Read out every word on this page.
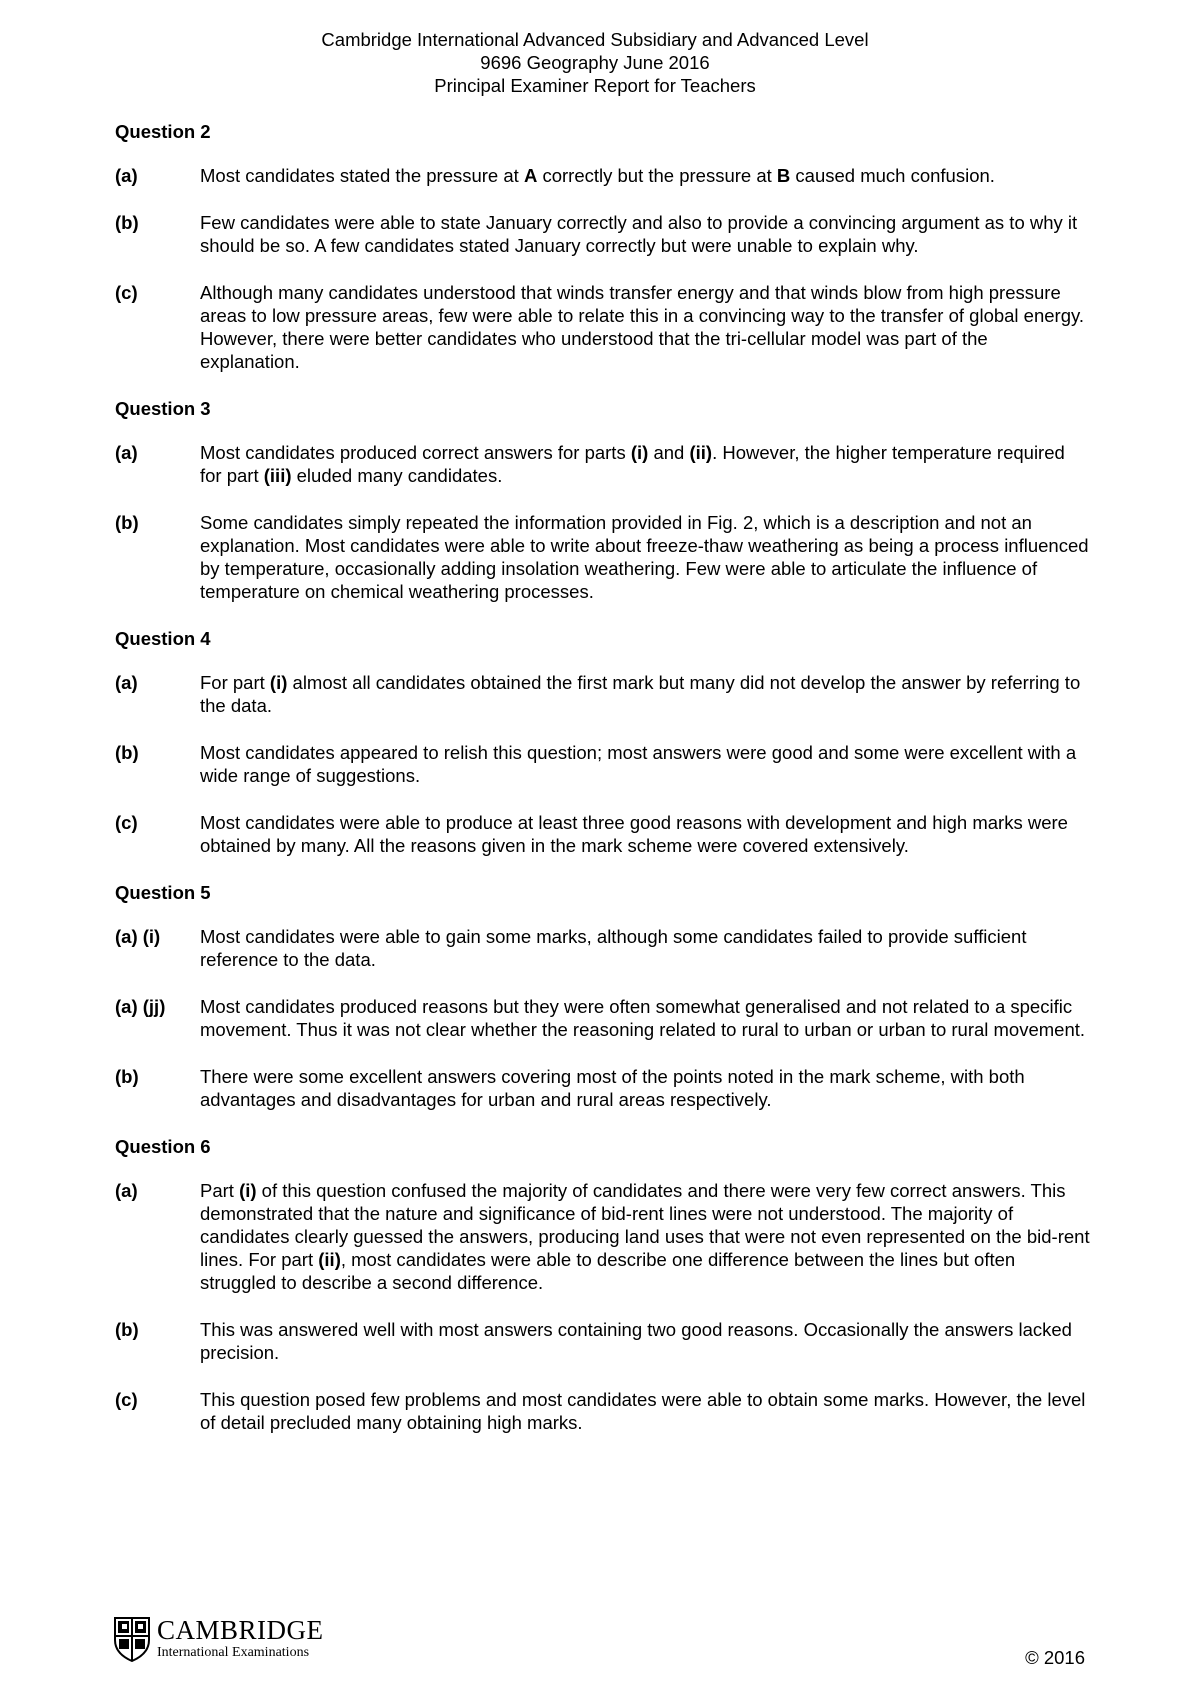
Cambridge International Advanced Subsidiary and Advanced Level
9696 Geography June 2016
Principal Examiner Report for Teachers
Question 2
(a)	Most candidates stated the pressure at A correctly but the pressure at B caused much confusion.
(b)	Few candidates were able to state January correctly and also to provide a convincing argument as to why it should be so. A few candidates stated January correctly but were unable to explain why.
(c)	Although many candidates understood that winds transfer energy and that winds blow from high pressure areas to low pressure areas, few were able to relate this in a convincing way to the transfer of global energy. However, there were better candidates who understood that the tri-cellular model was part of the explanation.
Question 3
(a)	Most candidates produced correct answers for parts (i) and (ii). However, the higher temperature required for part (iii) eluded many candidates.
(b)	Some candidates simply repeated the information provided in Fig. 2, which is a description and not an explanation. Most candidates were able to write about freeze-thaw weathering as being a process influenced by temperature, occasionally adding insolation weathering. Few were able to articulate the influence of temperature on chemical weathering processes.
Question 4
(a)	For part (i) almost all candidates obtained the first mark but many did not develop the answer by referring to the data.
(b)	Most candidates appeared to relish this question; most answers were good and some were excellent with a wide range of suggestions.
(c)	Most candidates were able to produce at least three good reasons with development and high marks were obtained by many. All the reasons given in the mark scheme were covered extensively.
Question 5
(a) (i)	Most candidates were able to gain some marks, although some candidates failed to provide sufficient reference to the data.
(a) (jj)	Most candidates produced reasons but they were often somewhat generalised and not related to a specific movement. Thus it was not clear whether the reasoning related to rural to urban or urban to rural movement.
(b)	There were some excellent answers covering most of the points noted in the mark scheme, with both advantages and disadvantages for urban and rural areas respectively.
Question 6
(a)	Part (i) of this question confused the majority of candidates and there were very few correct answers. This demonstrated that the nature and significance of bid-rent lines were not understood. The majority of candidates clearly guessed the answers, producing land uses that were not even represented on the bid-rent lines. For part (ii), most candidates were able to describe one difference between the lines but often struggled to describe a second difference.
(b)	This was answered well with most answers containing two good reasons. Occasionally the answers lacked precision.
(c)	This question posed few problems and most candidates were able to obtain some marks. However, the level of detail precluded many obtaining high marks.
CAMBRIDGE
International Examinations	© 2016
